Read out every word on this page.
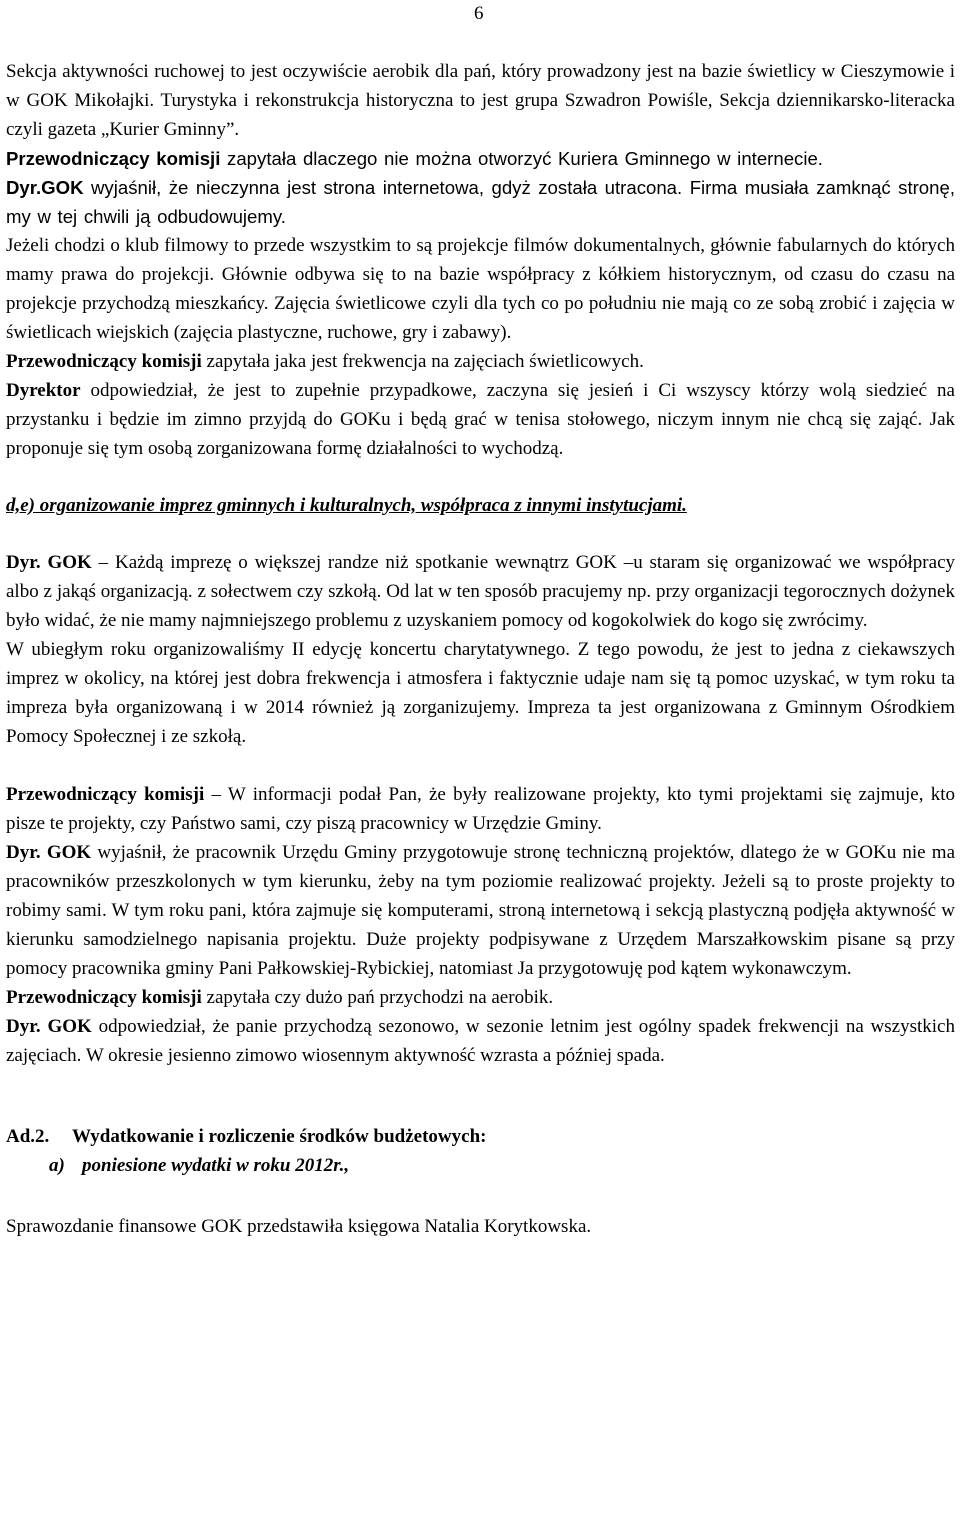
6

Sekcja aktywności ruchowej to jest oczywiście aerobik dla pań, który prowadzony jest na bazie świetlicy w Cieszymowie i w GOK Mikołajki. Turystyka i rekonstrukcja historyczna to jest grupa Szwadron Powiśle, Sekcja dziennikarsko-literacka czyli gazeta „Kurier Gminny”.

Przewodniczący komisji zapytała dlaczego nie można otworzyć Kuriera Gminnego w internecie.

Dyr.GOK wyjaśnił, że nieczynna jest strona internetowa, gdyż została utracona. Firma musiała zamknąć stronę, my w tej chwili ją odbudowujemy.

Jeżeli chodzi o klub filmowy to przede wszystkim to są projekcje filmów dokumentalnych, głównie fabularnych do których mamy prawa do projekcji. Głównie odbywa się to na bazie współpracy z kółkiem historycznym, od czasu do czasu na projekcje przychodzą mieszkańcy. Zajęcia świetlicowe czyli dla tych co po południu nie mają co ze sobą zrobić i zajęcia w świetlicach wiejskich (zajęcia plastyczne, ruchowe, gry i zabawy).

Przewodniczący komisji zapytała jaka jest frekwencja na zajęciach świetlicowych.

Dyrektor odpowiedział, że jest to zupełnie przypadkowe, zaczyna się jesień i Ci wszyscy którzy wolą siedzieć na przystanku i będzie im zimno przyjdą do GOKu i będą grać w tenisa stołowego, niczym innym nie chcą się zająć. Jak proponuje się tym osobą zorganizowana formę działalności to wychodzą.

d,e) organizowanie imprez gminnych i kulturalnych, współpraca z innymi instytucjami.

Dyr. GOK – Każdą imprezę o większej randze niż spotkanie wewnątrz GOK –u staram się organizować we współpracy albo z jakąś organizacją. z sołectwem czy szkołą. Od lat w ten sposób pracujemy np. przy organizacji tegorocznych dożynek było widać, że nie mamy najmniejszego problemu z uzyskaniem pomocy od kogokolwiek do kogo się zwrócimy.

W ubiegłym roku organizowaliśmy II edycję koncertu charytatywnego. Z tego powodu, że jest to jedna z ciekawszych imprez w okolicy, na której jest dobra frekwencja i atmosfera i faktycznie udaje nam się tą pomoc uzyskać, w tym roku ta impreza była organizowaną i w 2014 również ją zorganizujemy. Impreza ta jest organizowana z Gminnym Ośrodkiem Pomocy Społecznej i ze szkołą.

Przewodniczący komisji – W informacji podał Pan, że były realizowane projekty, kto tymi projektami się zajmuje, kto pisze te projekty, czy Państwo sami, czy piszą pracownicy w Urzędzie Gminy.

Dyr. GOK wyjaśnił, że pracownik Urzędu Gminy przygotowuje stronę techniczną projektów, dlatego że w GOKu nie ma pracowników przeszkolonych w tym kierunku, żeby na tym poziomie realizować projekty. Jeżeli są to proste projekty to robimy sami. W tym roku pani, która zajmuje się komputerami, stroną internetową i sekcją plastyczną podjęła aktywność w kierunku samodzielnego napisania projektu. Duże projekty podpisywane z Urzędem Marszałkowskim pisane są przy pomocy pracownika gminy Pani Pałkowskiej-Rybickiej, natomiast Ja przygotowuję pod kątem wykonawczym.

Przewodniczący komisji zapytała czy dużo pań przychodzi na aerobik.

Dyr. GOK odpowiedział, że panie przychodzą sezonowo, w sezonie letnim jest ogólny spadek frekwencji na wszystkich zajęciach. W okresie jesienno zimowo wiosennym aktywność wzrasta a później spada.

Ad.2. Wydatkowanie i rozliczenie środków budżetowych:

a) poniesione wydatki w roku 2012r.,

Sprawozdanie finansowe GOK przedstawiła księgowa Natalia Korytkowska.
